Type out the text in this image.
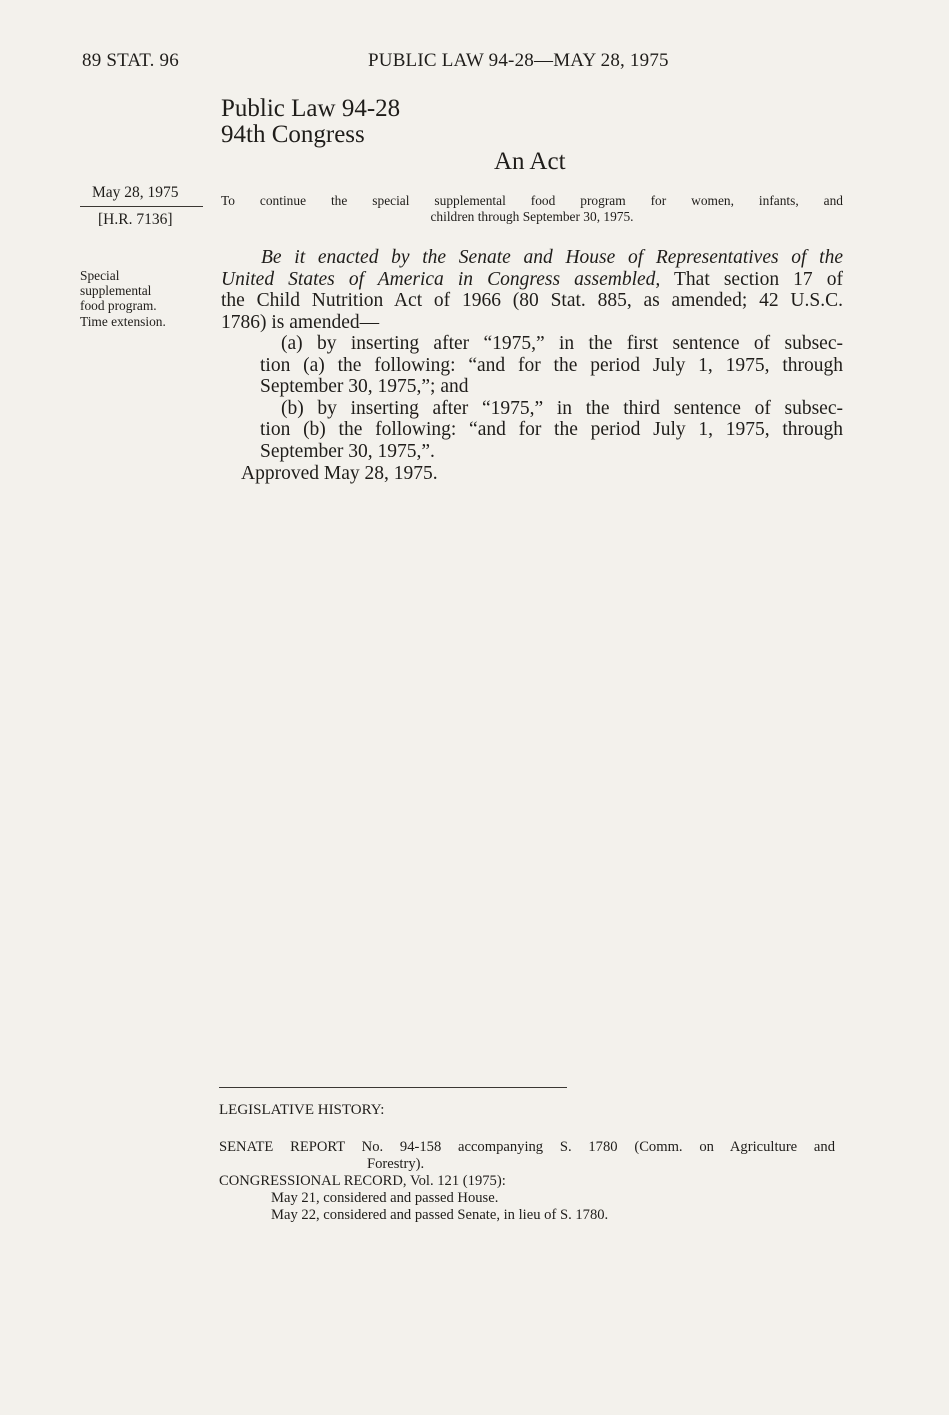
89 STAT. 96	PUBLIC LAW 94-28—MAY 28, 1975
Public Law 94-28
94th Congress
An Act
May 28, 1975
[H.R. 7136]
To continue the special supplemental food program for women, infants, and
children through September 30, 1975.
Special
supplemental
food program.
Time extension.
Be it enacted by the Senate and House of Representatives of the
United States of America in Congress assembled, That section 17 of
the Child Nutrition Act of 1966 (80 Stat. 885, as amended; 42 U.S.C.
1786) is amended—
(a) by inserting after “1975,” in the first sentence of subsec-
tion (a) the following: “and for the period July 1, 1975, through
September 30, 1975,”; and
(b) by inserting after “1975,” in the third sentence of subsec-
tion (b) the following: “and for the period July 1, 1975, through
September 30, 1975,”.
Approved May 28, 1975.
LEGISLATIVE HISTORY:
SENATE REPORT No. 94-158 accompanying S. 1780 (Comm. on Agriculture and
Forestry).
CONGRESSIONAL RECORD, Vol. 121 (1975):
May 21, considered and passed House.
May 22, considered and passed Senate, in lieu of S. 1780.
